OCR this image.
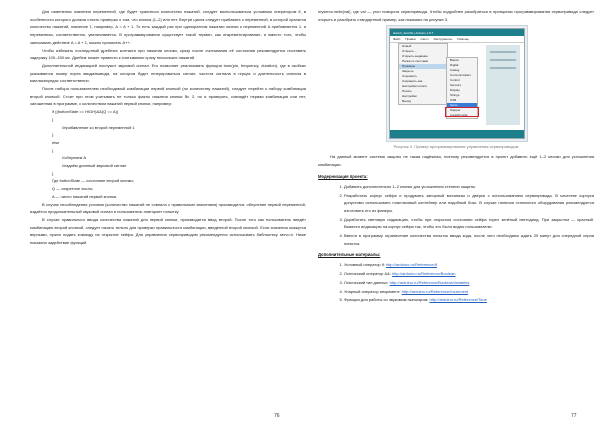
Для изменения значения переменной, где будет храниться количество нажатий, следует воспользоваться условным оператором if, в особенности которого должна стоять проверка о том, что кнопка (1–2) или нет. Внутри цикла следует прибавить к переменной, в которой хранится количество нажатий, значение 1, например, A = A + 1. То есть каждый раз при однократном нажатии кнопки к переменной A прибавляется 1, и переменная, соответственно, увеличивается. В программировании существует такой термин, как инкрементирование, и вместо того, чтобы записывать действие A = A + 1, можно прописать A++.

Чтобы избежать последствий дребезга контакта при нажатии кнопки, сразу после считывания её состояния рекомендуется поставить задержку 100–150 мс. Дребезг может привести к считыванию сразу нескольких нажатий.

Дополнительной индикацией послужит звуковой сигнал. Его позволяет реализовать функция tone(pin, frequency, duration), где в скобках указывается номер порта ввода/вывода, на котором будет генерироваться сигнал, частота сигнала в герцах и длительность сигнала в миллисекундах соответственно.

После набора пользователем необходимой комбинации первой кнопкой (по количеству нажатий), следует перейти к набору комбинации второй кнопкой. Стоит при этом учитывать не только факты нажатия кнопки № 2, но и проверять, совпадёт первая комбинация или нет, заложенная в программе, с количеством нажатий первой кнопки, например:

if ((buttonState == HIGH)&&(Q == A))

{

//прибавление ко второй переменной 1

}

else

{

//обнуляем A

//издаём длинный звуковой сигнал

}

Где buttonState — состояние второй кнопки;

Q — секретное число;

A — число нажатий первой кнопки.

В случае несоблюдения условия (количество нажатий не совпало с правильным значением) производится: обнуление первой переменной, издаётся продолжительный звуковой сигнал и пользователь повторяет попытку.

В случае правильного ввода количества нажатий для первой кнопки, производится ввод второй. После того как пользователь введёт комбинацию второй кнопкой, следует начать тельно для проверки правильности комбинации, введённой второй кнопкой. Если значения окажутся верными, нужно подать команду на открытие сейфа. Для управления сервоприводом рекомендуется использовать библиотеку servo.h. Ниже показано задействие функций

76

myservo.write(val), где val — угол поворота сервопривода. Чтобы подробнее разобраться в принципах программирования сервопривода следует открыть и разобрать стандартный пример, как показано на рисунке 3.

sketch_dec23a | Arduino 1.8.7
Файл Правка Скетч Инструменты Помощь
Новый
Открыть...
Открыть недавние
Папка со скетчами
Примеры
Закрыть
Сохранить
Сохранить как...
Настройки печати
Печать
Настройки
Выход
Basics
Digital
Analog
Communication
Control
Sensors
Display
Strings
USB
Servo
Stepper
LiquidCrystal

Рисунок 3. Пример программирования управления сервоприводом

На данный момент система защиты не такая надёжная, поэтому рекомендуется в проект добавить ещё 1–2 кнопки для усложнения комбинации.

Модернизация проекта:

1. Добавить дополнительно 1–2 кнопки для усложнения степени защиты.
2. Разработать корпус сейфа и продумать запорный механизм и дверки с использованием сервопривода. В качестве корпуса допустимо использовать пластиковый контейнер или подобный бокс. В случае наличия станочного оборудования рекомендуется изготовить его из фанеры.
3. Доработать световую индикацию, чтобы при открытом состоянии сейфа горел зелёный светодиод. При закрытом — красный. Вывести индикацию на корпус сейфа так, чтобы это было видно пользователю.
4. Ввести в программу ограничение количества попыток ввода кода, после чего необходимо ждать 30 минут для очередной серии попыток.

Дополнительные материалы:

1. Условный оператор if: http://arduino.ru/Reference/If
2. Логический оператор &&: http://arduino.ru/Reference/Boolean
3. Логический тип данных: http://arduino.ru/Reference/BooleanVariables
4. Унарный оператор инкремент: http://arduino.ru/Reference/Increment
5. Функция для работы со звуковым пьезоэром: http://arduino.ru/Reference/Tone
77
